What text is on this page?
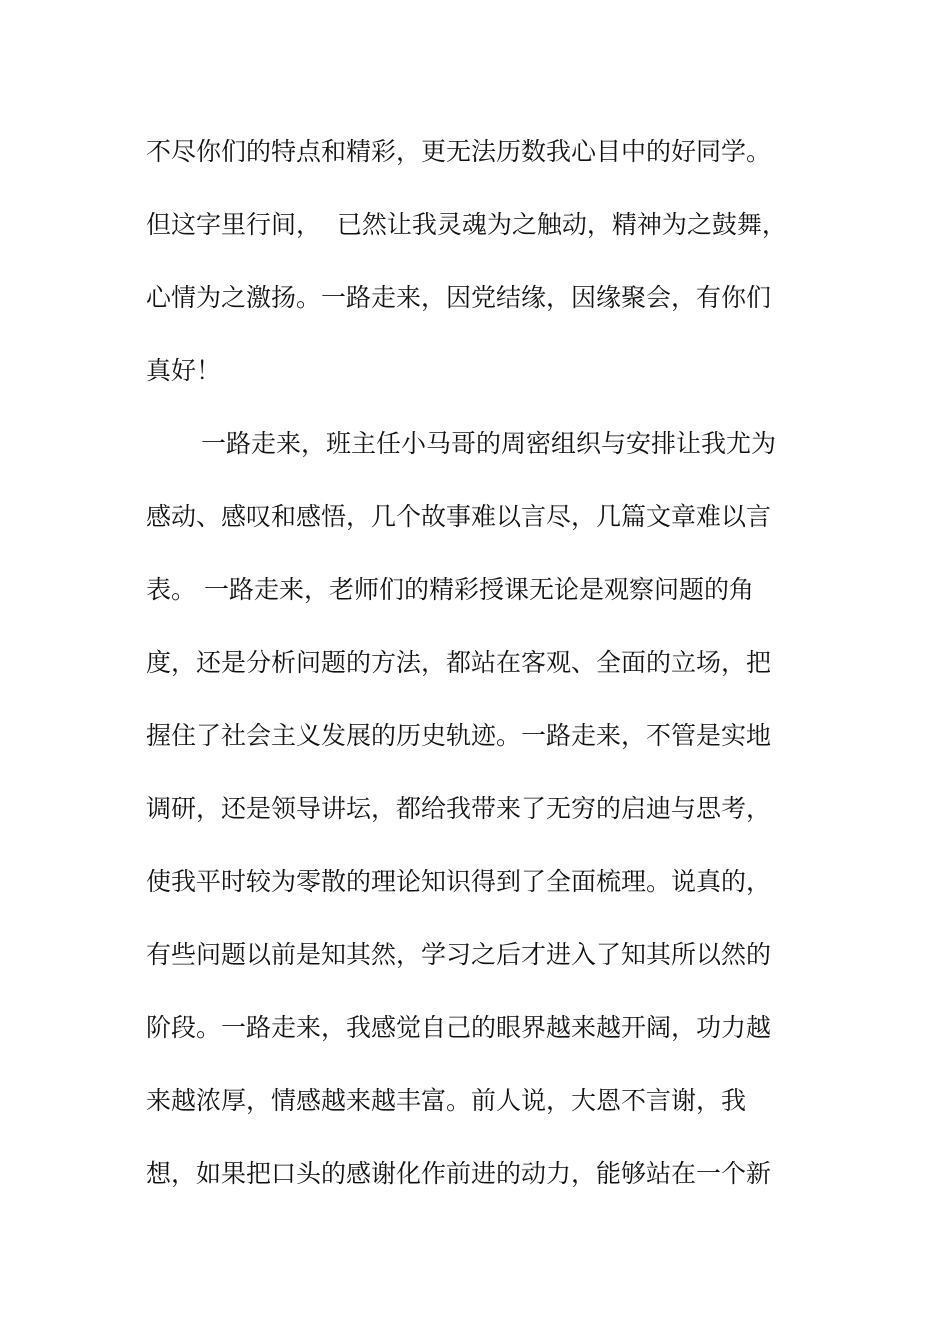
不尽你们的特点和精彩，更无法历数我心目中的好同学。
但这字里行间，  已然让我灵魂为之触动，精神为之鼓舞，
心情为之激扬。一路走来，因党结缘，因缘聚会，有你们
真好！
一路走来，班主任小马哥的周密组织与安排让我尤为
感动、感叹和感悟，几个故事难以言尽，几篇文章难以言
表。 一路走来，老师们的精彩授课无论是观察问题的角
度，还是分析问题的方法，都站在客观、全面的立场，把
握住了社会主义发展的历史轨迹。一路走来，不管是实地
调研，还是领导讲坛，都给我带来了无穷的启迪与思考，
使我平时较为零散的理论知识得到了全面梳理。说真的，
有些问题以前是知其然，学习之后才进入了知其所以然的
阶段。一路走来，我感觉自己的眼界越来越开阔，功力越
来越浓厚，情感越来越丰富。前人说，大恩不言谢，我
想，如果把口头的感谢化作前进的动力，能够站在一个新
